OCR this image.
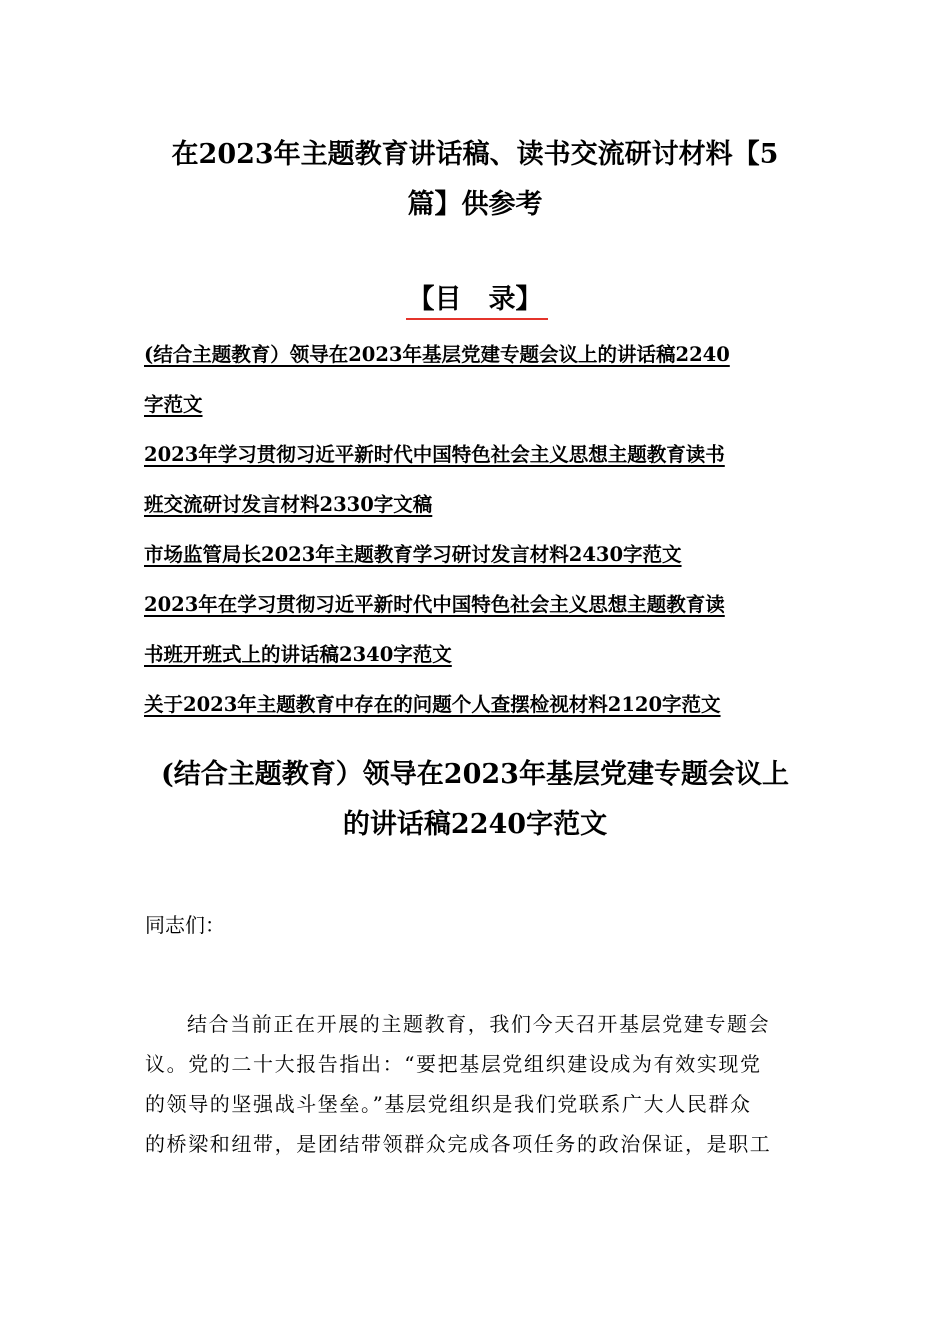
在2023年主题教育讲话稿、读书交流研讨材料【5
篇】供参考
【目　录】
(结合主题教育）领导在2023年基层党建专题会议上的讲话稿2240
字范文
2023年学习贯彻习近平新时代中国特色社会主义思想主题教育读书
班交流研讨发言材料2330字文稿
市场监管局长2023年主题教育学习研讨发言材料2430字范文
2023年在学习贯彻习近平新时代中国特色社会主义思想主题教育读
书班开班式上的讲话稿2340字范文
关于2023年主题教育中存在的问题个人查摆检视材料2120字范文
(结合主题教育）领导在2023年基层党建专题会议上
的讲话稿2240字范文

同志们：

结合当前正在开展的主题教育，我们今天召开基层党建专题会
议。党的二十大报告指出：“要把基层党组织建设成为有效实现党
的领导的坚强战斗堡垒。”基层党组织是我们党联系广大人民群众
的桥梁和纽带，是团结带领群众完成各项任务的政治保证，是职工
